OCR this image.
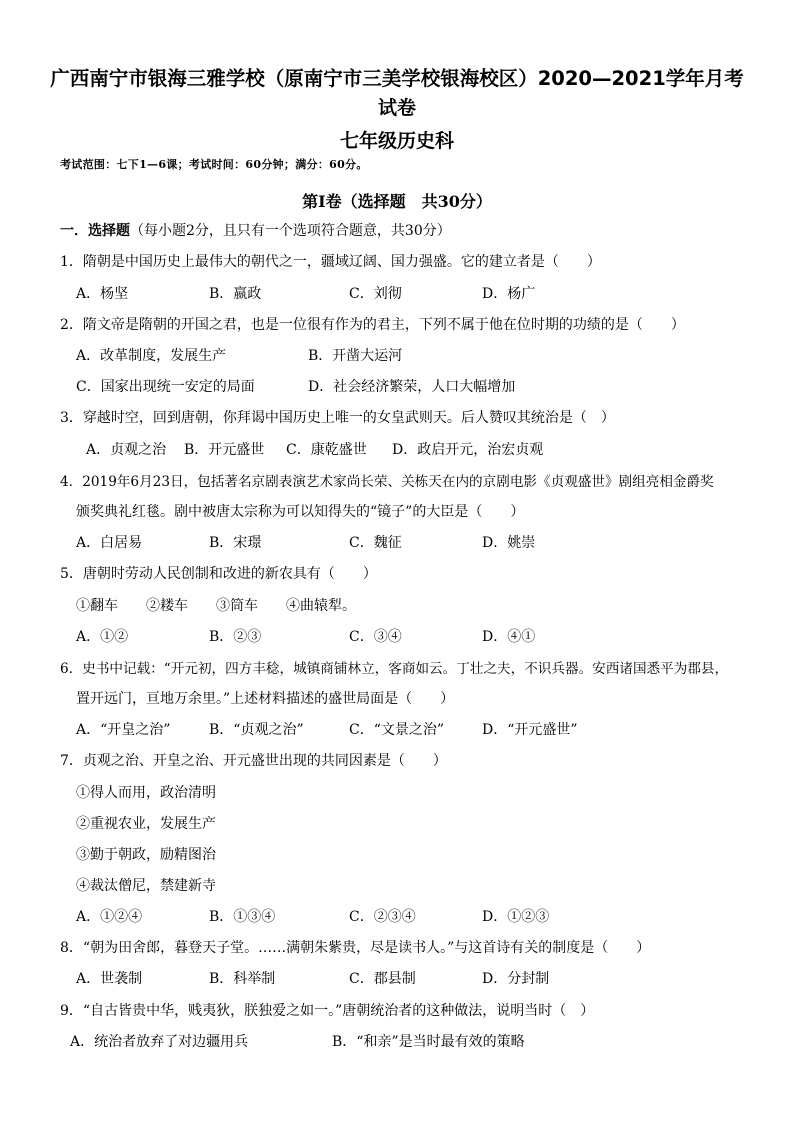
广西南宁市银海三雅学校（原南宁市三美学校银海校区）2020—2021学年月考
试卷
七年级历史科
考试范围：七下1—6课；考试时间：60分钟；满分：60分。
第Ⅰ卷（选择题　共30分）
一．选择题（每小题2分，且只有一个选项符合题意，共30分）
1．隋朝是中国历史上最伟大的朝代之一，疆域辽阔、国力强盛。它的建立者是（　　）
A．杨坚	B．嬴政	C．刘彻	D．杨广
2．隋文帝是隋朝的开国之君，也是一位很有作为的君主，下列不属于他在位时期的功绩的是（　　）
A．改革制度，发展生产	B．开凿大运河
C．国家出现统一安定的局面	D．社会经济繁荣，人口大幅增加
3．穿越时空，回到唐朝，你拜谒中国历史上唯一的女皇武则天。后人赞叹其统治是（　）
A．贞观之治 B．开元盛世 C．康乾盛世 D．政启开元，治宏贞观
4．2019年6月23日，包括著名京剧表演艺术家尚长荣、关栋天在内的京剧电影《贞观盛世》剧组亮相金爵奖
颁奖典礼红毯。剧中被唐太宗称为可以知得失的“镜子”的大臣是（　　）
A．白居易	B．宋璟	C．魏征	D．姚崇
5．唐朝时劳动人民创制和改进的新农具有（　　）
①翻车　　②耧车　　③筒车　　④曲辕犁。
A．①②	B．②③	C．③④	D．④①
6．史书中记载：“开元初，四方丰稔，城镇商铺林立，客商如云。丁壮之夫，不识兵器。安西诸国悉平为郡县，
置开远门，亘地万余里。”上述材料描述的盛世局面是（　　）
A．“开皇之治”	B．“贞观之治”	C．“文景之治”	D．“开元盛世”
7．贞观之治、开皇之治、开元盛世出现的共同因素是（　　）
①得人而用，政治清明
②重视农业，发展生产
③勤于朝政，励精图治
④裁汰僧尼，禁建新寺
A．①②④	B．①③④	C．②③④	D．①②③
8．“朝为田舍郎，暮登天子堂。……满朝朱紫贵，尽是读书人。”与这首诗有关的制度是（　　）
A．世袭制	B．科举制	C．郡县制	D．分封制
9．“自古皆贵中华，贱夷狄，朕独爱之如一。”唐朝统治者的这种做法，说明当时（　）
A．统治者放弃了对边疆用兵	B．“和亲”是当时最有效的策略
